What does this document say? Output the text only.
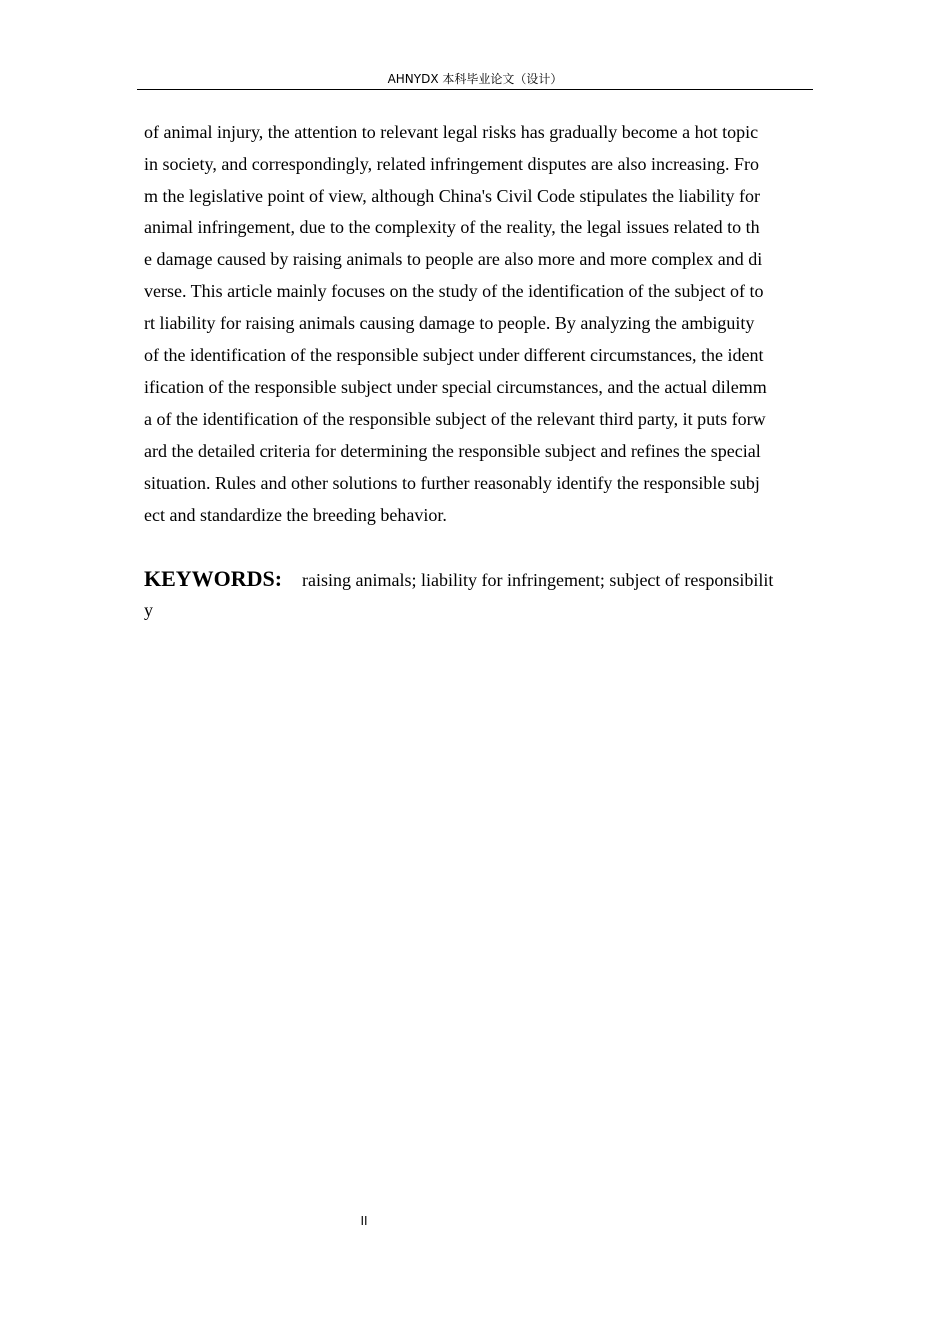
AHNYDX 本科毕业论文（设计）
of animal injury, the attention to relevant legal risks has gradually become a hot topic
in society, and correspondingly, related infringement disputes are also increasing. Fro
m the legislative point of view, although China's Civil Code stipulates the liability for
animal infringement, due to the complexity of the reality, the legal issues related to th
e damage caused by raising animals to people are also more and more complex and di
verse. This article mainly focuses on the study of the identification of the subject of to
rt liability for raising animals causing damage to people. By analyzing the ambiguity
of the identification of the responsible subject under different circumstances, the ident
ification of the responsible subject under special circumstances, and the actual dilemm
a of the identification of the responsible subject of the relevant third party, it puts forw
ard the detailed criteria for determining the responsible subject and refines the special
situation. Rules and other solutions to further reasonably identify the responsible subj
ect and standardize the breeding behavior.
KEYWORDS: raising animals; liability for infringement; subject of responsibilit
y
II
